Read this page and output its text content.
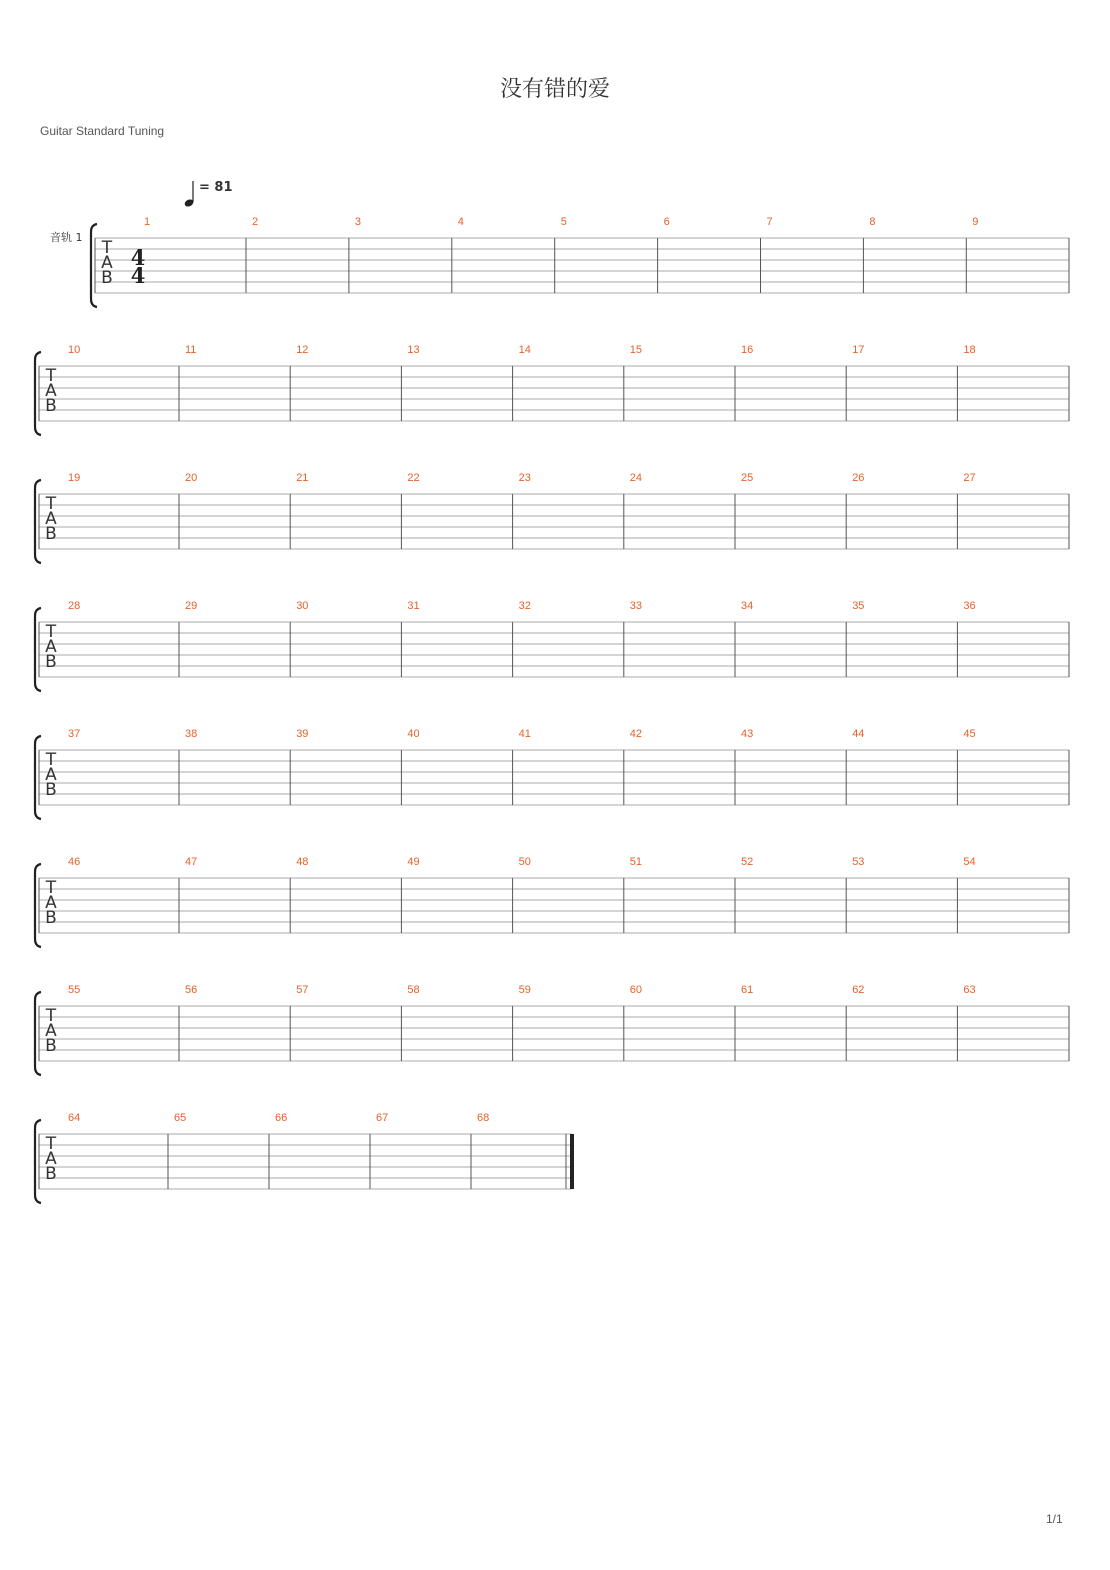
没有错的爱
Guitar Standard Tuning
= 81
音轨 1
1/1
T
A
B
4
4
1	2	3	4	5	6	7	8	9
T
A
B
10	11	12	13	14	15	16	17	18
T
A
B
19	20	21	22	23	24	25	26	27
T
A
B
28	29	30	31	32	33	34	35	36
T
A
B
37	38	39	40	41	42	43	44	45
T
A
B
46	47	48	49	50	51	52	53	54
T
A
B
55	56	57	58	59	60	61	62	63
T
A
B
64	65	66	67	68
